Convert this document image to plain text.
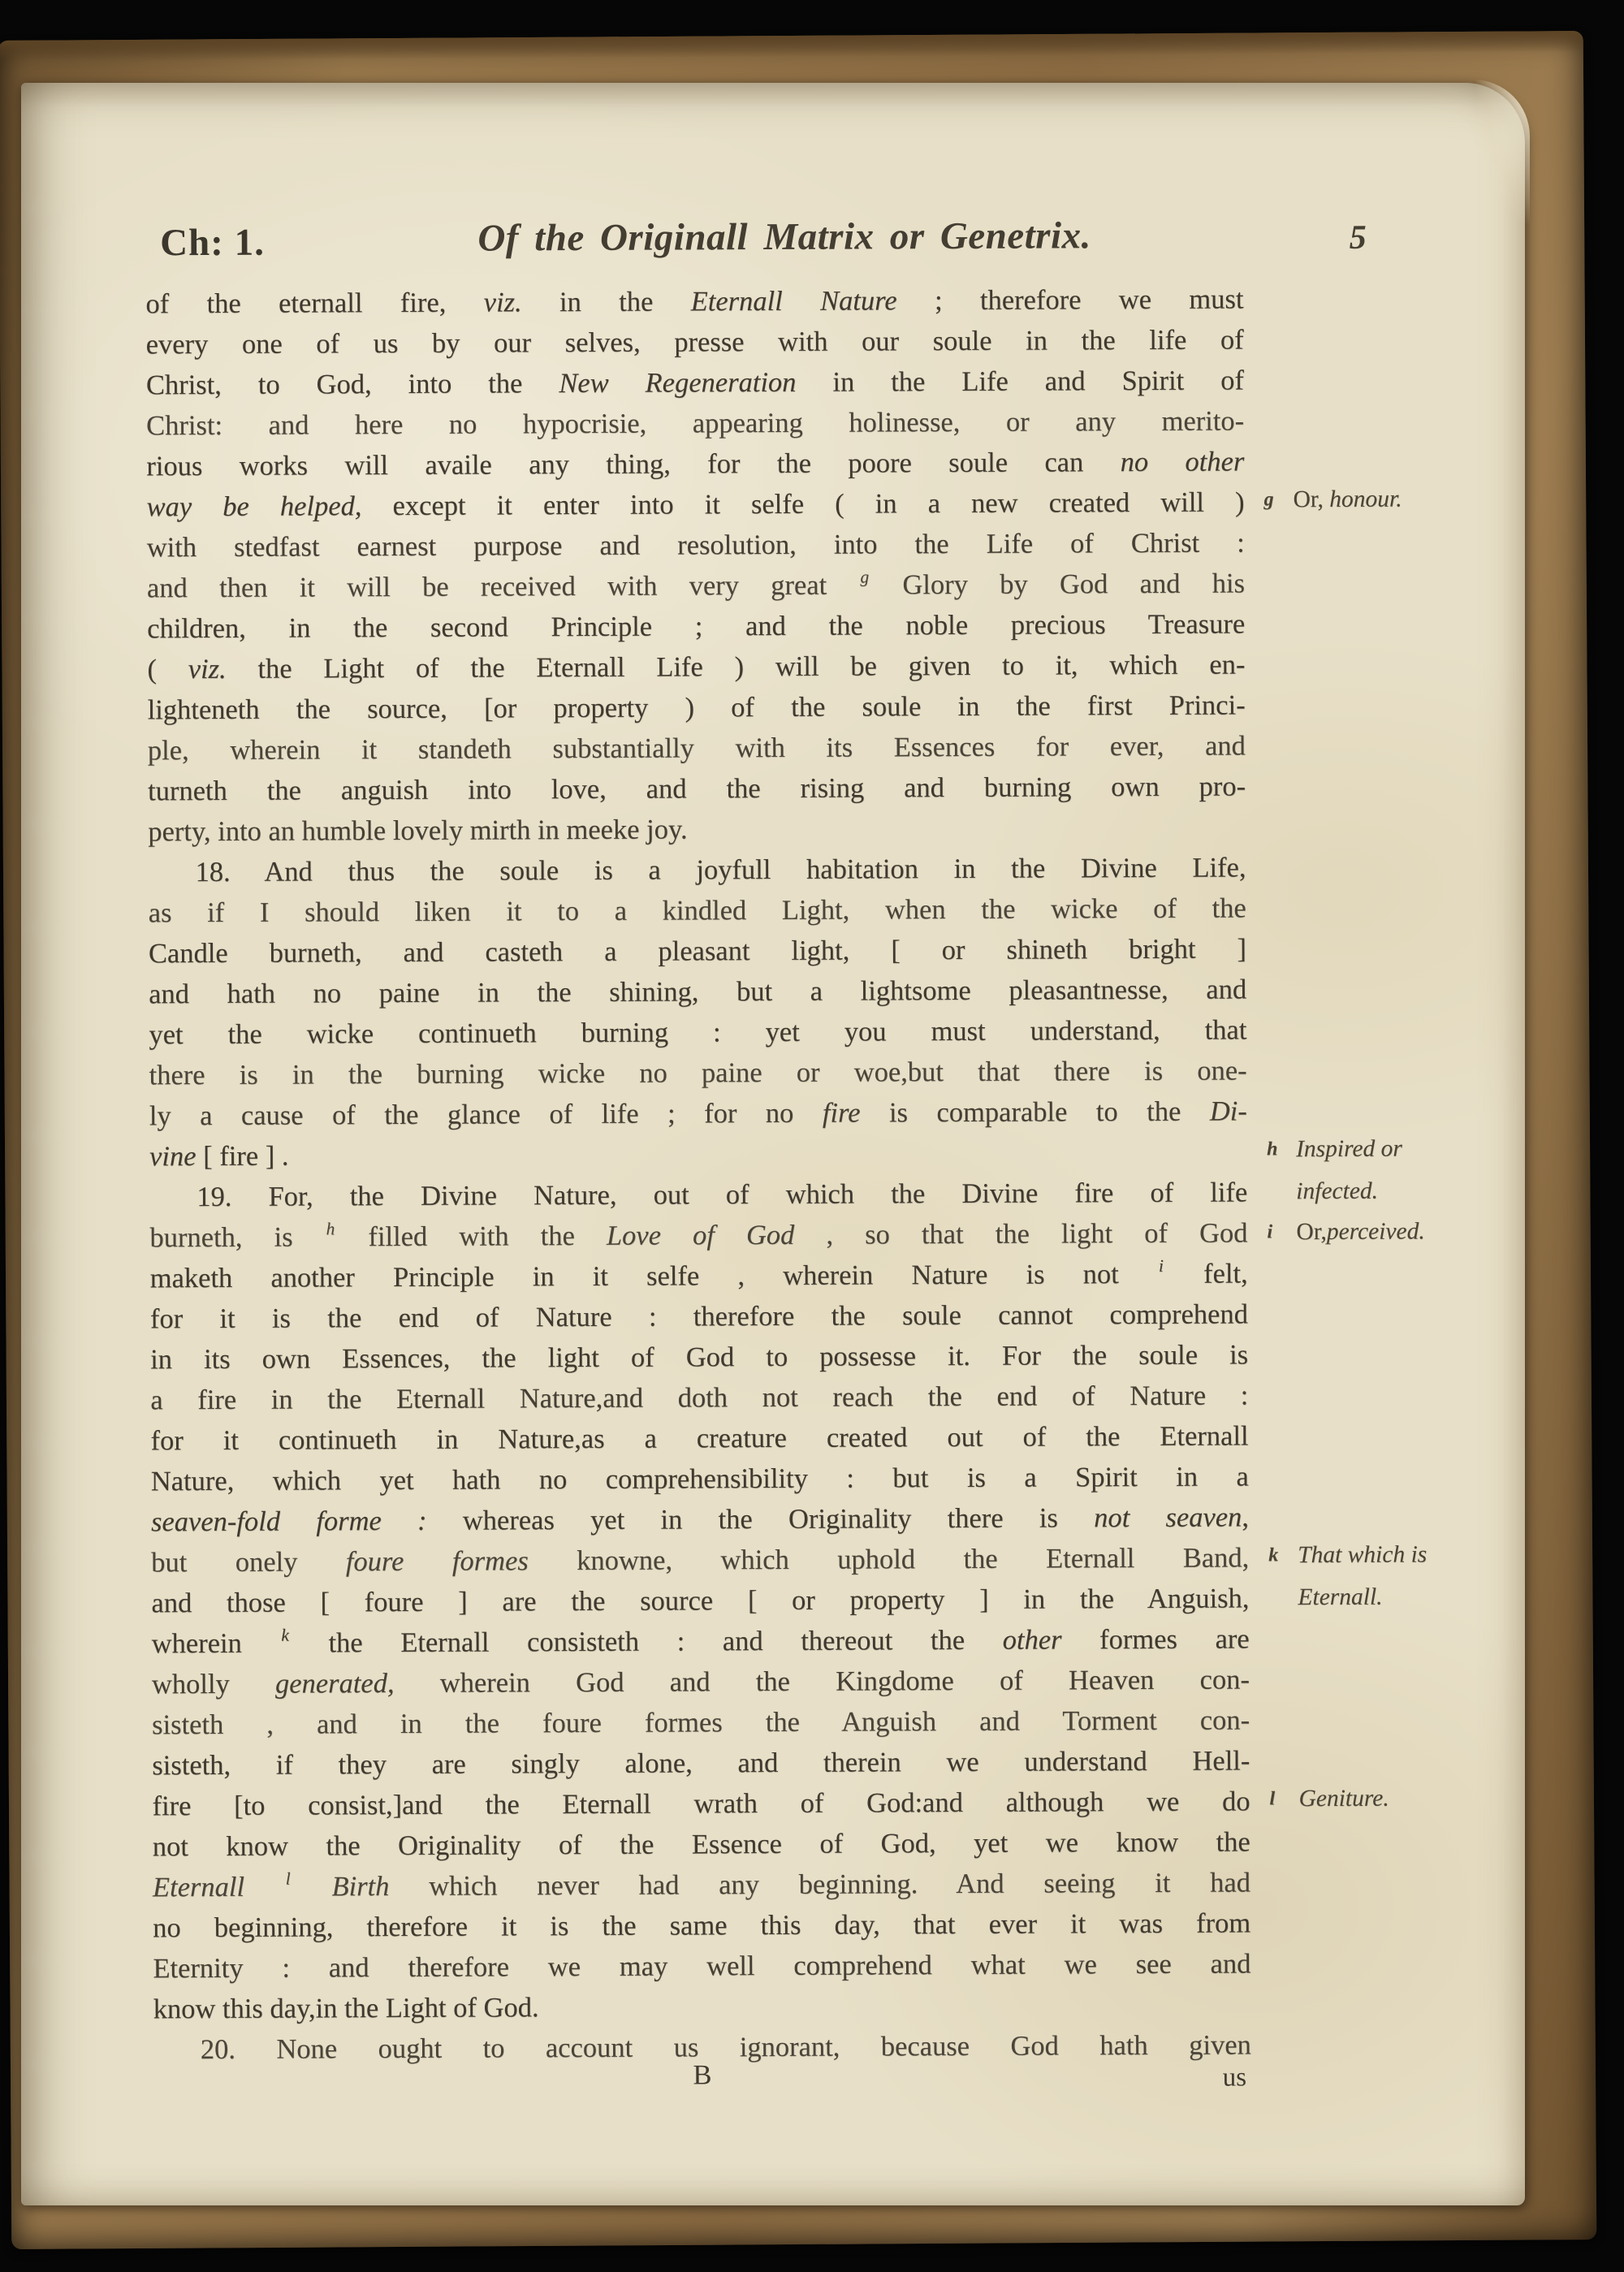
Ch: 1.	Of the Originall Matrix or Genetrix.	5
of the eternall fire, viz. in the Eternall Nature ; therefore we must
every one of us by our selves, presse with our soule in the life of
Christ, to God, into the New Regeneration in the Life and Spirit of
Christ: and here no hypocrisie, appearing holinesse, or any merito-
rious works will availe any thing, for the poore soule can no other
way be helped, except it enter into it selfe ( in a new created will )
with stedfast earnest purpose and resolution, into the Life of Christ :
and then it will be received with very great $^g$ Glory by God and his
children, in the second Principle ; and the noble precious Treasure
( viz. the Light of the Eternall Life ) will be given to it, which en-
lighteneth the source, [or property ) of the soule in the first Princi-
ple, wherein it standeth substantially with its Essences for ever, and
turneth the anguish into love, and the rising and burning own pro-
perty, into an humble lovely mirth in meeke joy.
18. And thus the soule is a joyfull habitation in the Divine Life,
as if I should liken it to a kindled Light, when the wicke of the
Candle burneth, and casteth a pleasant light, [ or shineth bright ]
and hath no paine in the shining, but a lightsome pleasantnesse, and
yet the wicke continueth burning : yet you must understand, that
there is in the burning wicke no paine or woe,but that there is one-
ly a cause of the glance of life ; for no fire is comparable to the Di-
vine [ fire ] .
19. For, the Divine Nature, out of which the Divine fire of life
burneth, is $^h$ filled with the Love of God , so that the light of God
maketh another Principle in it selfe , wherein Nature is not $^i$ felt,
for it is the end of Nature : therefore the soule cannot comprehend
in its own Essences, the light of God to possesse it. For the soule is
a fire in the Eternall Nature,and doth not reach the end of Nature :
for it continueth in Nature,as a creature created out of the Eternall
Nature, which yet hath no comprehensibility : but is a Spirit in a
seaven-fold forme : whereas yet in the Originality there is not seaven,
but onely foure formes knowne, which uphold the Eternall Band,
and those [ foure ] are the source [ or property ] in the Anguish,
wherein $^k$ the Eternall consisteth : and thereout the other formes are
wholly generated, wherein God and the Kingdome of Heaven con-
sisteth , and in the foure formes the Anguish and Torment con-
sisteth, if they are singly alone, and therein we understand Hell-
fire [to consist,]and the Eternall wrath of God:and although we do
not know the Originality of the Essence of God, yet we know the
Eternall $^l$ Birth which never had any beginning. And seeing it had
no beginning, therefore it is the same this day, that ever it was from
Eternity : and therefore we may well comprehend what we see and
know this day,in the Light of God.
20. None ought to account us ignorant, because God hath given
g Or, honour.
h Inspired or
infected.
i Or,perceived.
k That which is
Eternall.
l Geniture.
B	us
